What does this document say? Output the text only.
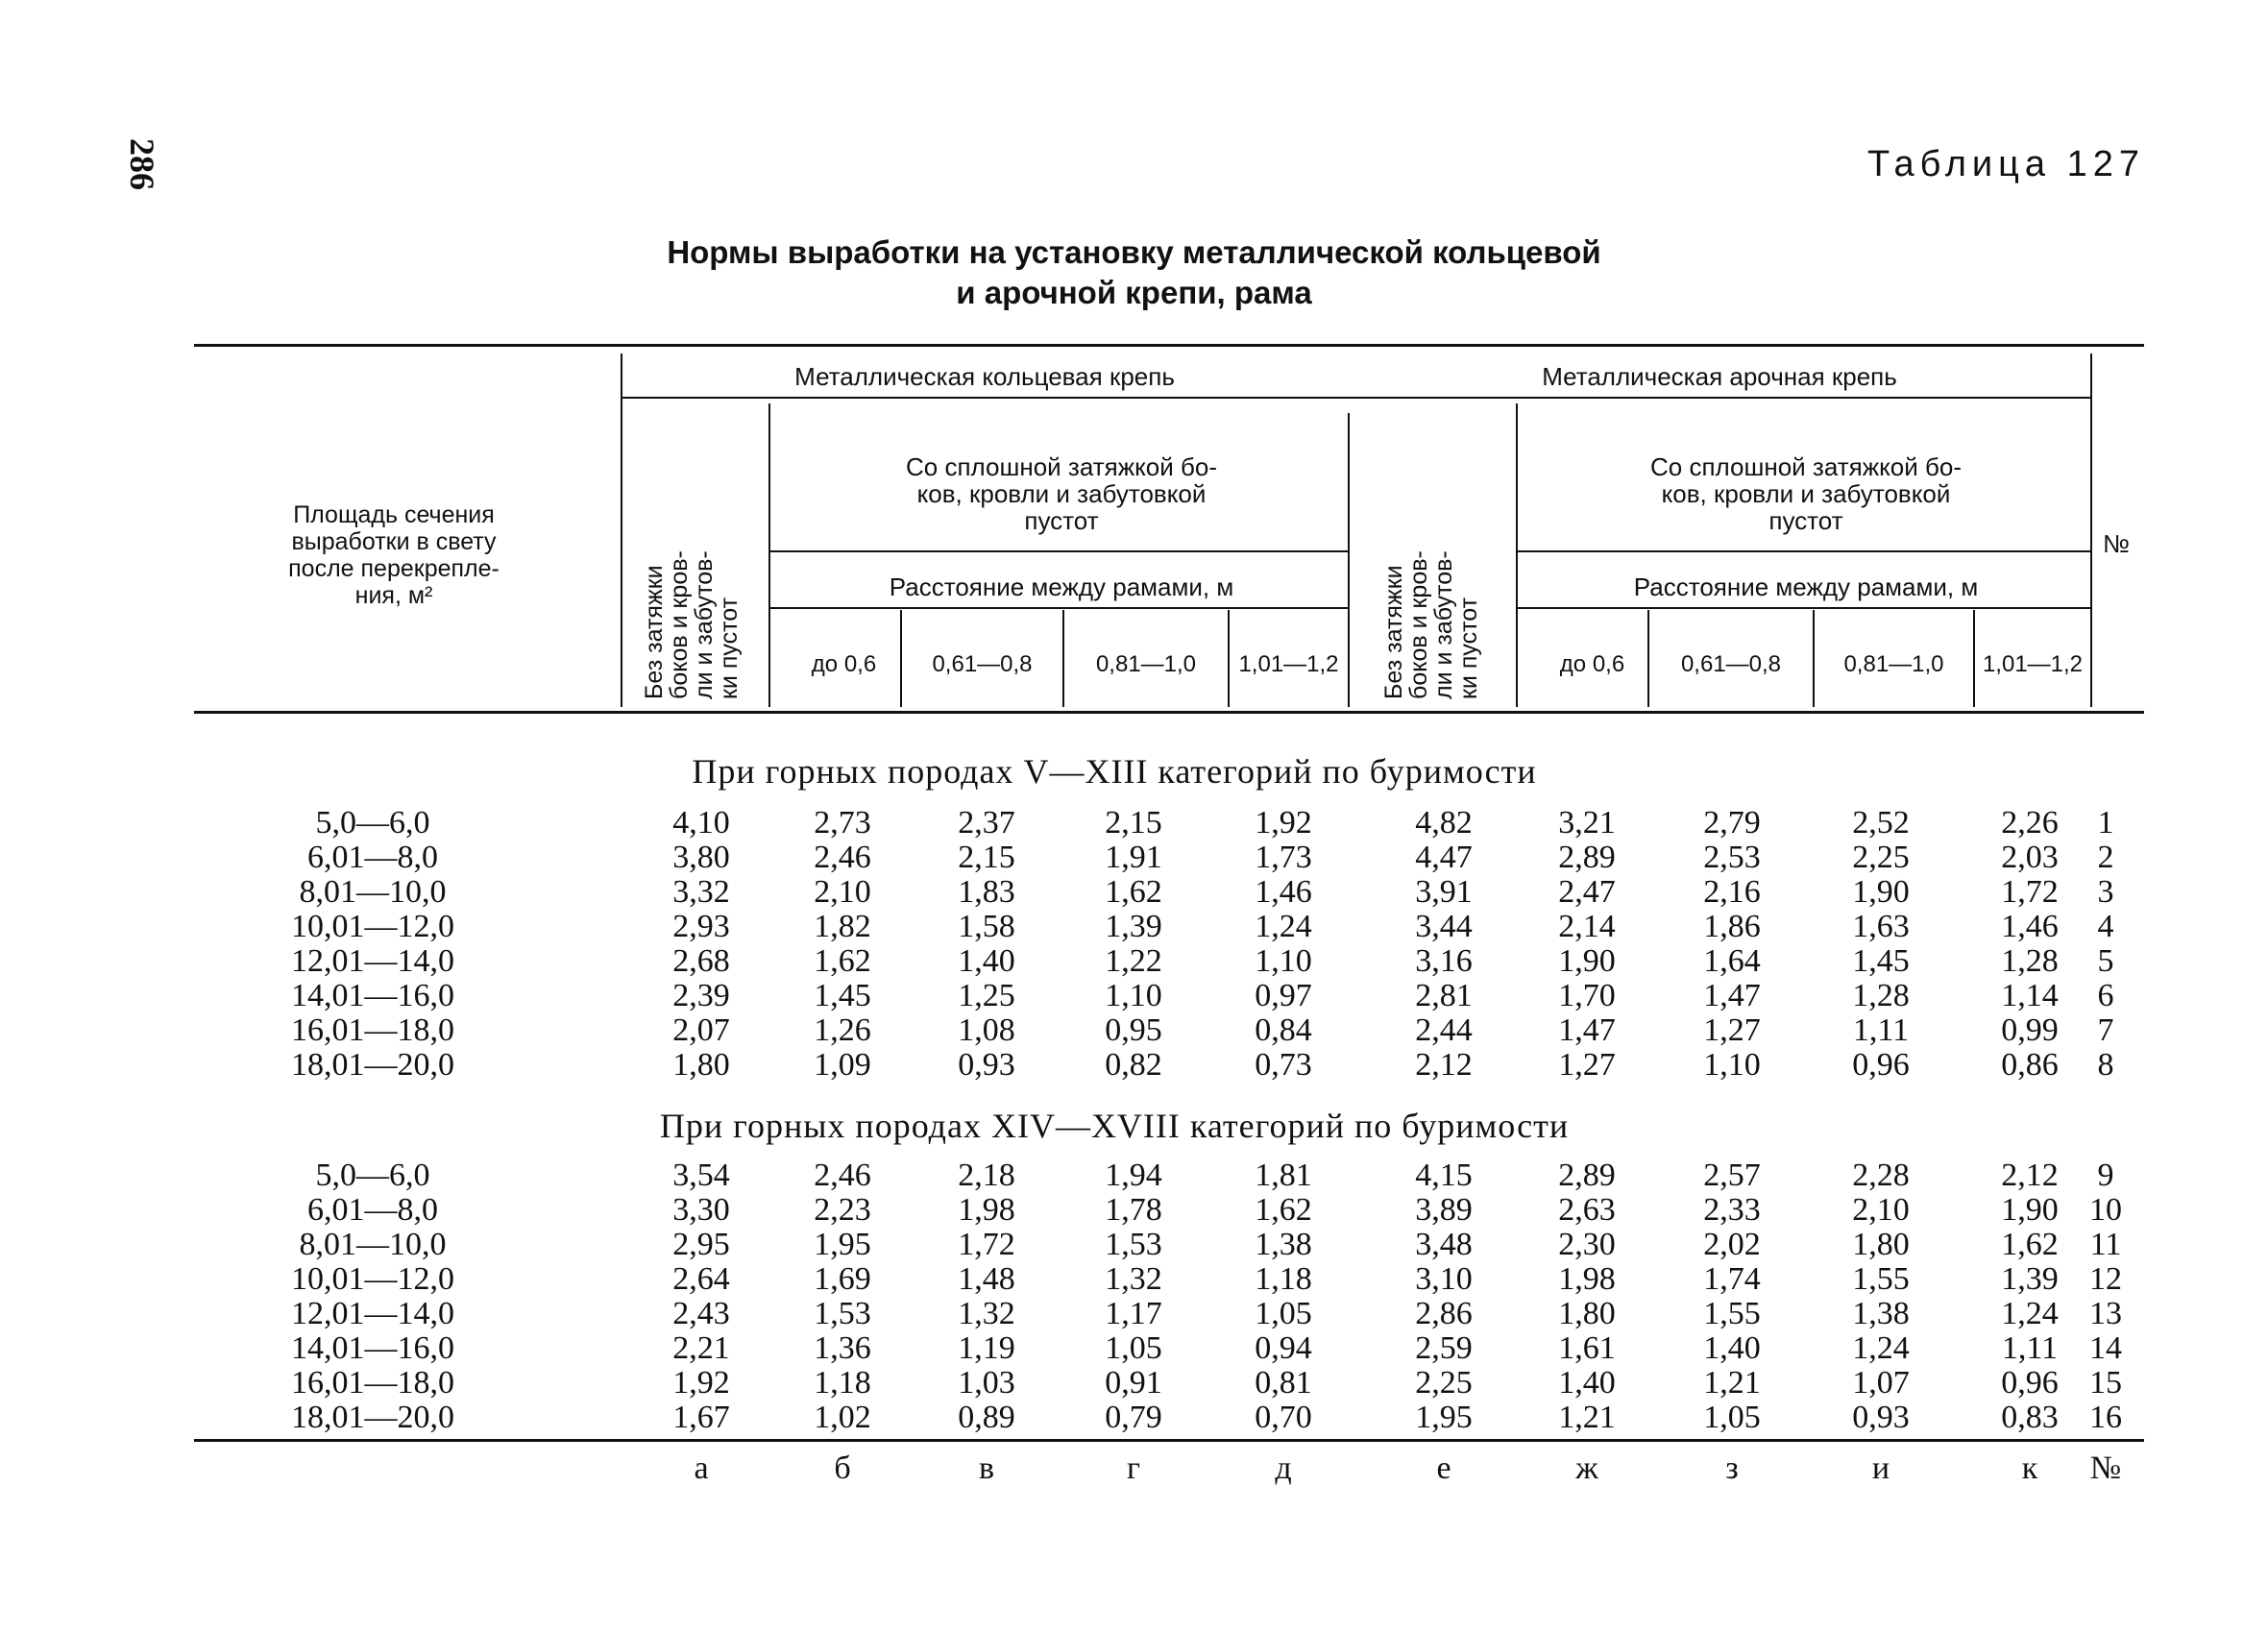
286	Таблица 127
Нормы выработки на установку металлической кольцевой
и арочной крепи, рама
Площадь сечения
выработки в свету
после перекрепле-
ния, м²
Металлическая кольцевая крепь	Металлическая арочная крепь
Без затяжки
боков и кров-
ли и забутов-
ки пустот	Без затяжки
боков и кров-
ли и забутов-
ки пустот
Со сплошной затяжкой бо-
ков, кровли и забутовкой
пустот
Со сплошной затяжкой бо-
ков, кровли и забутовкой
пустот
Расстояние между рамами, м	Расстояние между рамами, м
до 0,6	0,61—0,8	0,81—1,0	1,01—1,2	до 0,6	0,61—0,8	0,81—1,0	1,01—1,2
№
При горных породах V—XIII категорий по буримости
5,0—6,0	4,10	2,73	2,37	2,15	1,92	4,82	3,21	2,79	2,52	2,26	1
6,01—8,0	3,80	2,46	2,15	1,91	1,73	4,47	2,89	2,53	2,25	2,03	2
8,01—10,0	3,32	2,10	1,83	1,62	1,46	3,91	2,47	2,16	1,90	1,72	3
10,01—12,0	2,93	1,82	1,58	1,39	1,24	3,44	2,14	1,86	1,63	1,46	4
12,01—14,0	2,68	1,62	1,40	1,22	1,10	3,16	1,90	1,64	1,45	1,28	5
14,01—16,0	2,39	1,45	1,25	1,10	0,97	2,81	1,70	1,47	1,28	1,14	6
16,01—18,0	2,07	1,26	1,08	0,95	0,84	2,44	1,47	1,27	1,11	0,99	7
18,01—20,0	1,80	1,09	0,93	0,82	0,73	2,12	1,27	1,10	0,96	0,86	8
При горных породах XIV—XVIII категорий по буримости
5,0—6,0	3,54	2,46	2,18	1,94	1,81	4,15	2,89	2,57	2,28	2,12	9
6,01—8,0	3,30	2,23	1,98	1,78	1,62	3,89	2,63	2,33	2,10	1,90 10
8,01—10,0	2,95	1,95	1,72	1,53	1,38	3,48	2,30	2,02	1,80	1,62 11
10,01—12,0	2,64	1,69	1,48	1,32	1,18	3,10	1,98	1,74	1,55	1,39 12
12,01—14,0	2,43	1,53	1,32	1,17	1,05	2,86	1,80	1,55	1,38	1,24 13
14,01—16,0	2,21	1,36	1,19	1,05	0,94	2,59	1,61	1,40	1,24	1,11 14
16,01—18,0	1,92	1,18	1,03	0,91	0,81	2,25	1,40	1,21	1,07	0,96 15
18,01—20,0	1,67	1,02	0,89	0,79	0,70	1,95	1,21	1,05	0,93	0,83 16
а	б	в	г	д	е	ж	з	и	к	№
